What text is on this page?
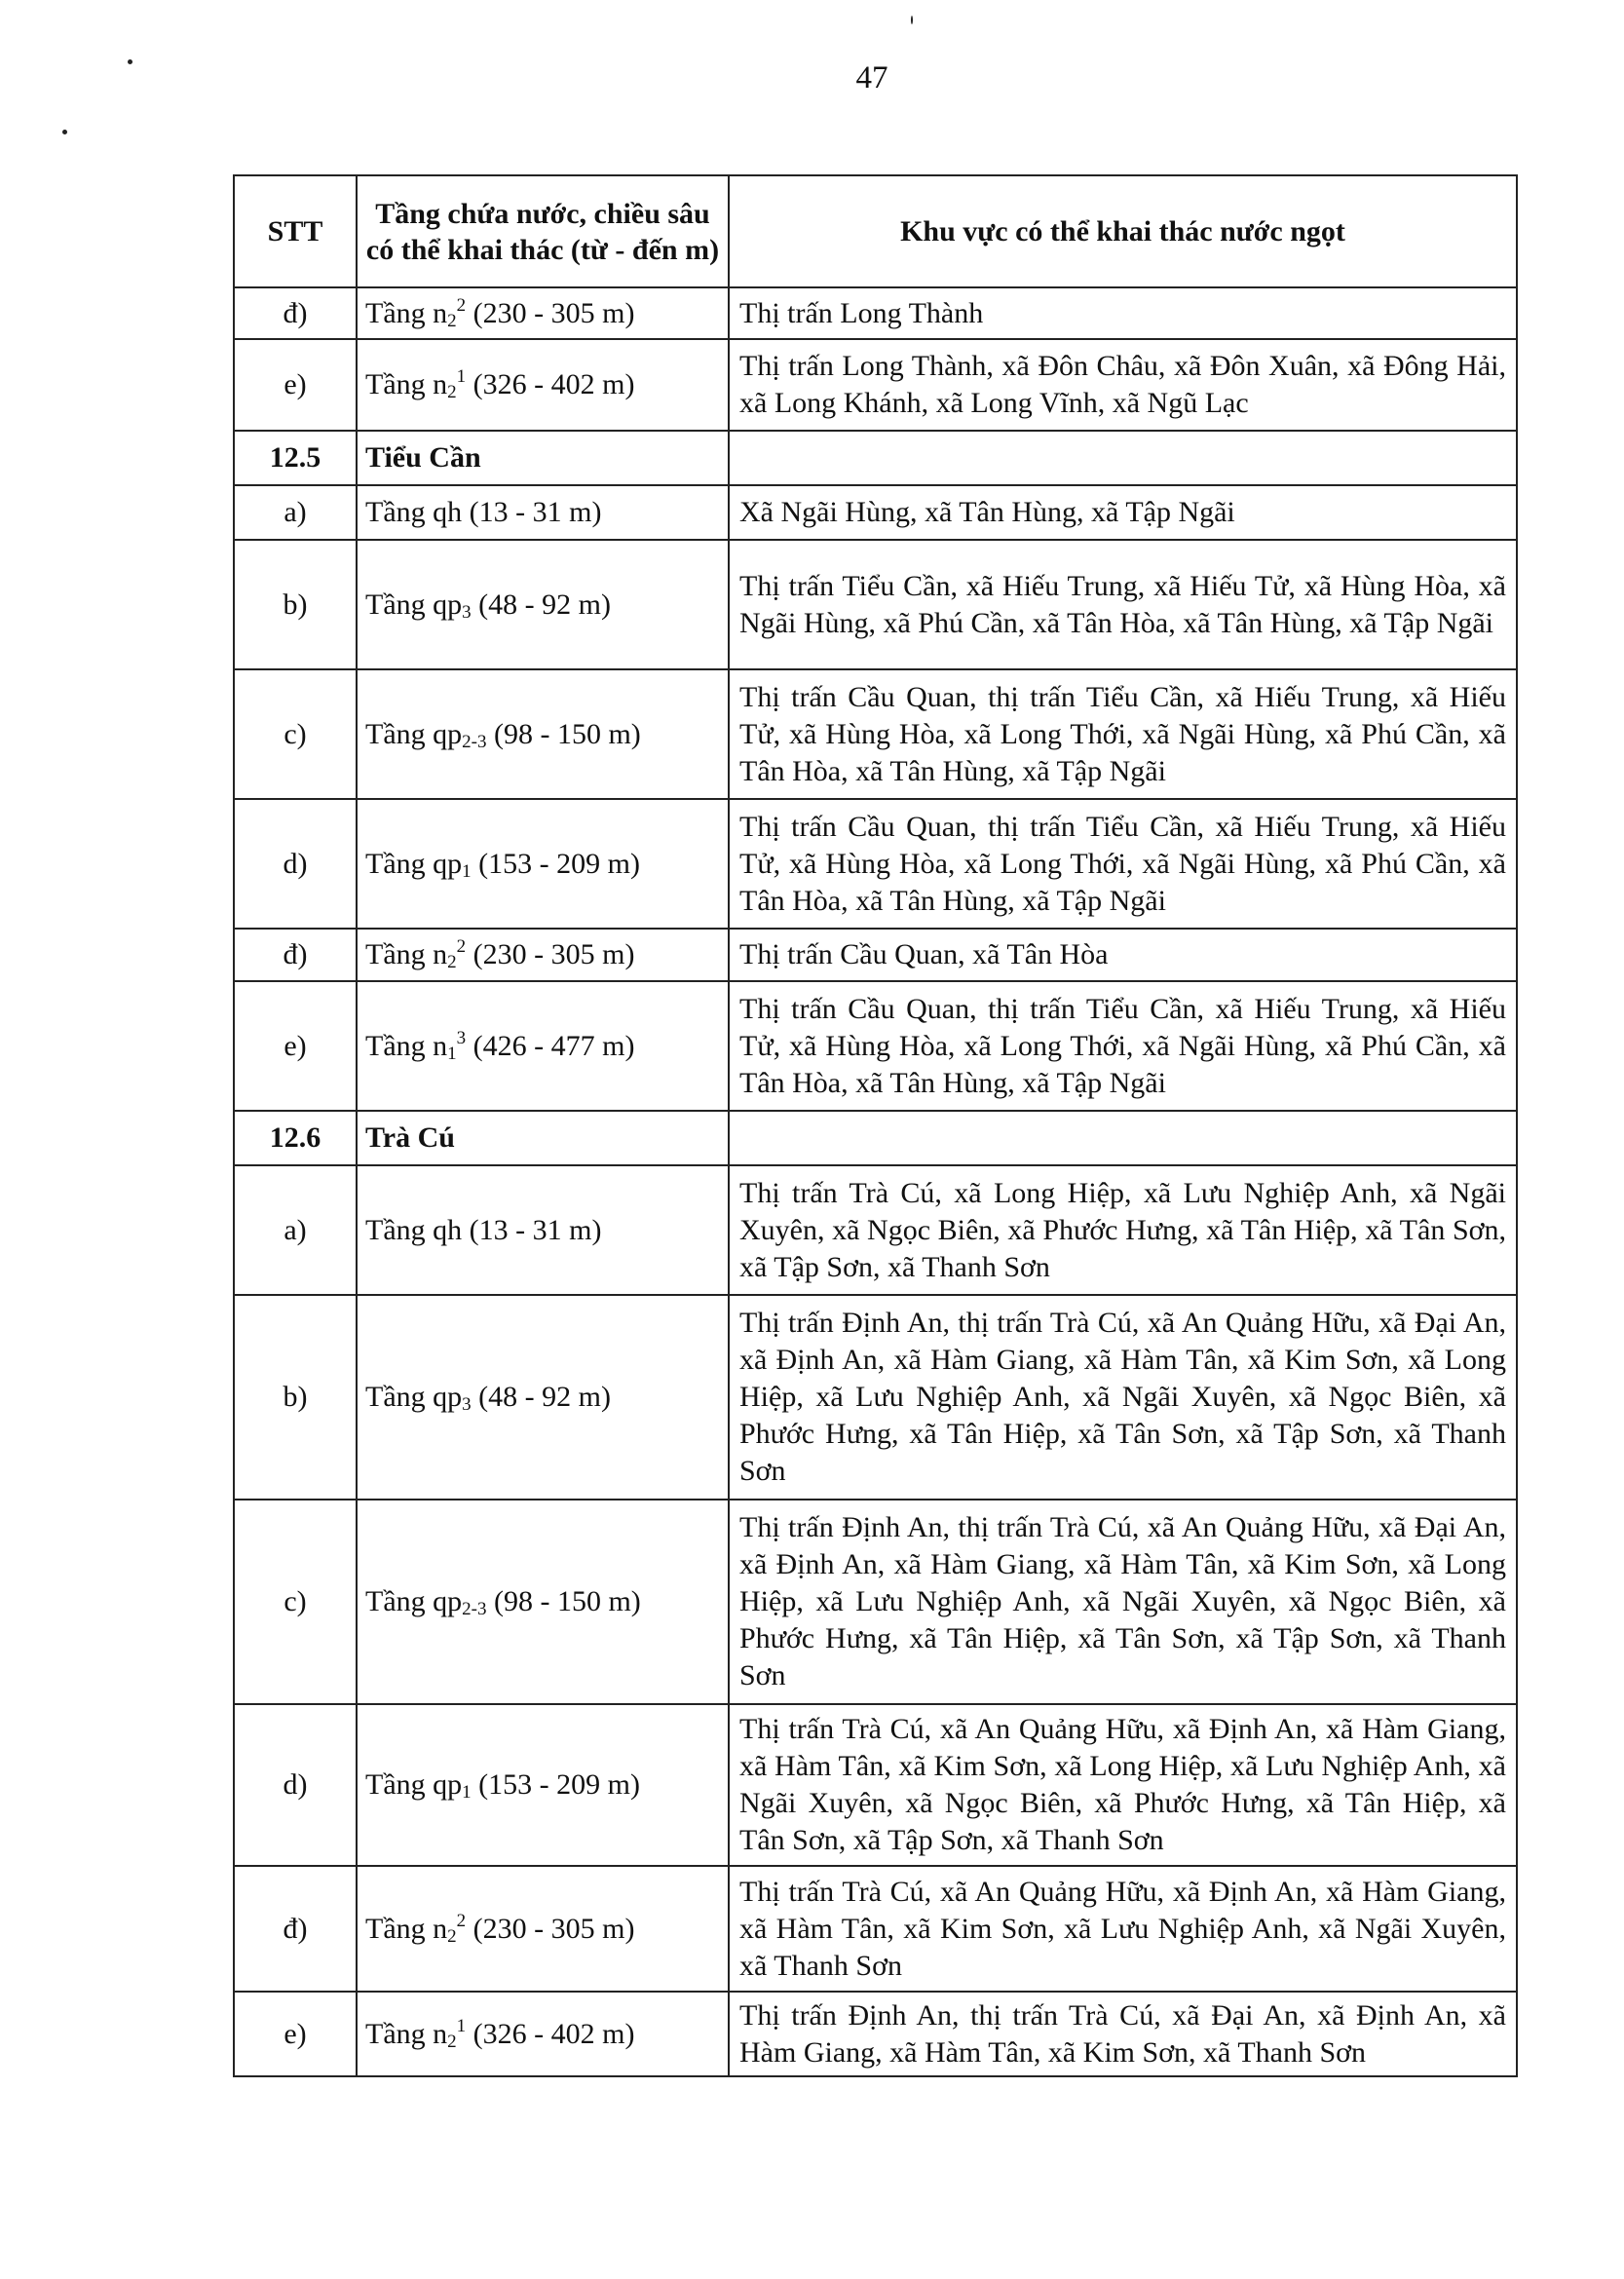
47
STT	Tầng chứa nước, chiều sâu có thể khai thác (từ - đến m)	Khu vực có thể khai thác nước ngọt
đ)	Tầng $n_2^2$ (230 - 305 m)	Thị trấn Long Thành
e)	Tầng $n_2^1$ (326 - 402 m)	Thị trấn Long Thành, xã Đôn Châu, xã Đôn Xuân, xã Đông Hải, xã Long Khánh, xã Long Vĩnh, xã Ngũ Lạc
12.5	Tiểu Cần	
a)	Tầng qh (13 - 31 m)	Xã Ngãi Hùng, xã Tân Hùng, xã Tập Ngãi
b)	Tầng $qp_3$ (48 - 92 m)	Thị trấn Tiểu Cần, xã Hiếu Trung, xã Hiếu Tử, xã Hùng Hòa, xã Ngãi Hùng, xã Phú Cần, xã Tân Hòa, xã Tân Hùng, xã Tập Ngãi
c)	Tầng $qp_{2-3}$ (98 - 150 m)	Thị trấn Cầu Quan, thị trấn Tiểu Cần, xã Hiếu Trung, xã Hiếu Tử, xã Hùng Hòa, xã Long Thới, xã Ngãi Hùng, xã Phú Cần, xã Tân Hòa, xã Tân Hùng, xã Tập Ngãi
d)	Tầng $qp_1$ (153 - 209 m)	Thị trấn Cầu Quan, thị trấn Tiểu Cần, xã Hiếu Trung, xã Hiếu Tử, xã Hùng Hòa, xã Long Thới, xã Ngãi Hùng, xã Phú Cần, xã Tân Hòa, xã Tân Hùng, xã Tập Ngãi
đ)	Tầng $n_2^2$ (230 - 305 m)	Thị trấn Cầu Quan, xã Tân Hòa
e)	Tầng $n_1^3$ (426 - 477 m)	Thị trấn Cầu Quan, thị trấn Tiểu Cần, xã Hiếu Trung, xã Hiếu Tử, xã Hùng Hòa, xã Long Thới, xã Ngãi Hùng, xã Phú Cần, xã Tân Hòa, xã Tân Hùng, xã Tập Ngãi
12.6	Trà Cú	
a)	Tầng qh (13 - 31 m)	Thị trấn Trà Cú, xã Long Hiệp, xã Lưu Nghiệp Anh, xã Ngãi Xuyên, xã Ngọc Biên, xã Phước Hưng, xã Tân Hiệp, xã Tân Sơn, xã Tập Sơn, xã Thanh Sơn
b)	Tầng $qp_3$ (48 - 92 m)	Thị trấn Định An, thị trấn Trà Cú, xã An Quảng Hữu, xã Đại An, xã Định An, xã Hàm Giang, xã Hàm Tân, xã Kim Sơn, xã Long Hiệp, xã Lưu Nghiệp Anh, xã Ngãi Xuyên, xã Ngọc Biên, xã Phước Hưng, xã Tân Hiệp, xã Tân Sơn, xã Tập Sơn, xã Thanh Sơn
c)	Tầng $qp_{2-3}$ (98 - 150 m)	Thị trấn Định An, thị trấn Trà Cú, xã An Quảng Hữu, xã Đại An, xã Định An, xã Hàm Giang, xã Hàm Tân, xã Kim Sơn, xã Long Hiệp, xã Lưu Nghiệp Anh, xã Ngãi Xuyên, xã Ngọc Biên, xã Phước Hưng, xã Tân Hiệp, xã Tân Sơn, xã Tập Sơn, xã Thanh Sơn
d)	Tầng $qp_1$ (153 - 209 m)	Thị trấn Trà Cú, xã An Quảng Hữu, xã Định An, xã Hàm Giang, xã Hàm Tân, xã Kim Sơn, xã Long Hiệp, xã Lưu Nghiệp Anh, xã Ngãi Xuyên, xã Ngọc Biên, xã Phước Hưng, xã Tân Hiệp, xã Tân Sơn, xã Tập Sơn, xã Thanh Sơn
đ)	Tầng $n_2^2$ (230 - 305 m)	Thị trấn Trà Cú, xã An Quảng Hữu, xã Định An, xã Hàm Giang, xã Hàm Tân, xã Kim Sơn, xã Lưu Nghiệp Anh, xã Ngãi Xuyên, xã Thanh Sơn
e)	Tầng $n_2^1$ (326 - 402 m)	Thị trấn Định An, thị trấn Trà Cú, xã Đại An, xã Định An, xã Hàm Giang, xã Hàm Tân, xã Kim Sơn, xã Thanh Sơn
